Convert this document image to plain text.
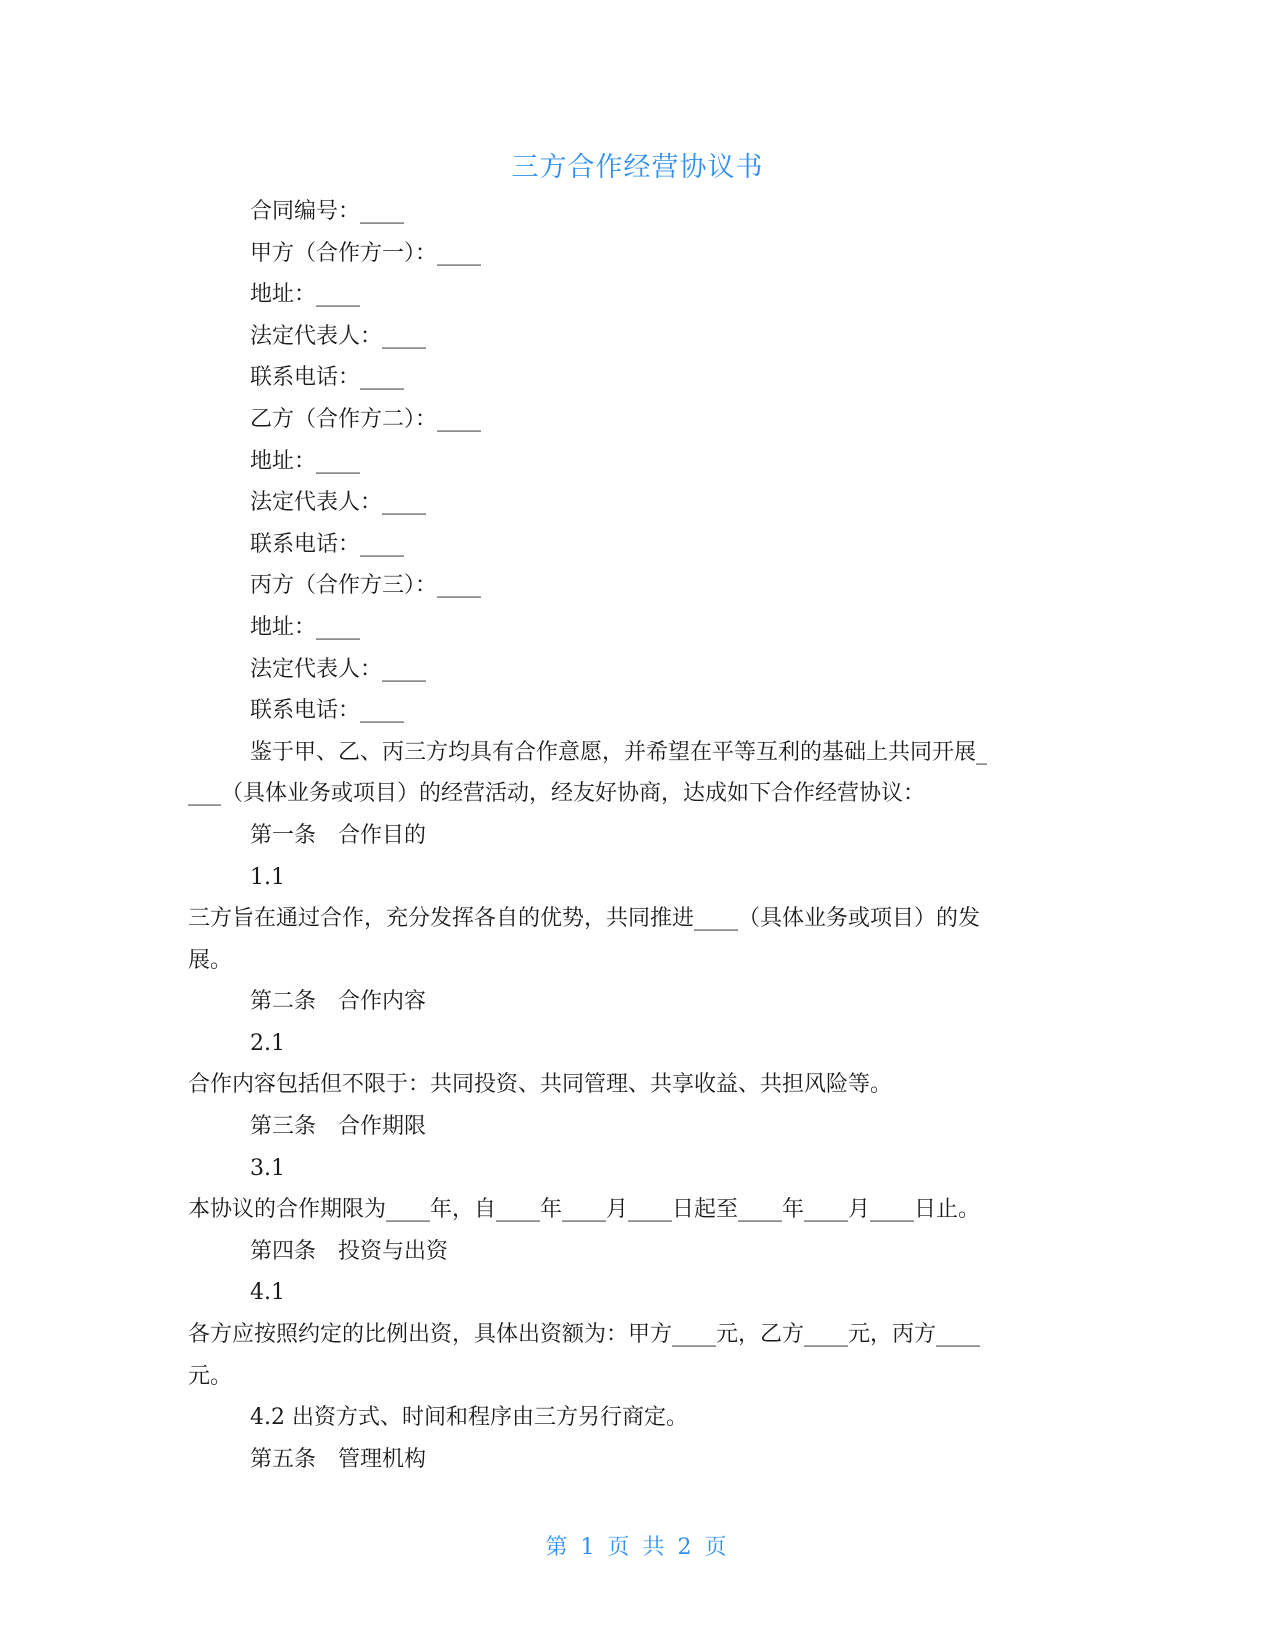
三方合作经营协议书

合同编号：____

甲方（合作方一）：____

地址：____

法定代表人：____

联系电话：____

乙方（合作方二）：____

地址：____

法定代表人：____

联系电话：____

丙方（合作方三）：____

地址：____

法定代表人：____

联系电话：____

鉴于甲、乙、丙三方均具有合作意愿，并希望在平等互利的基础上共同开展_

___（具体业务或项目）的经营活动，经友好协商，达成如下合作经营协议：

第一条　合作目的

1.1

三方旨在通过合作，充分发挥各自的优势，共同推进____（具体业务或项目）的发

展。

第二条　合作内容

2.1

合作内容包括但不限于：共同投资、共同管理、共享收益、共担风险等。

第三条　合作期限

3.1

本协议的合作期限为____年，自____年____月____日起至____年____月____日止。

第四条　投资与出资

4.1

各方应按照约定的比例出资，具体出资额为：甲方____元，乙方____元，丙方____

元。

4.2 出资方式、时间和程序由三方另行商定。

第五条　管理机构

第 1 页 共 2 页
